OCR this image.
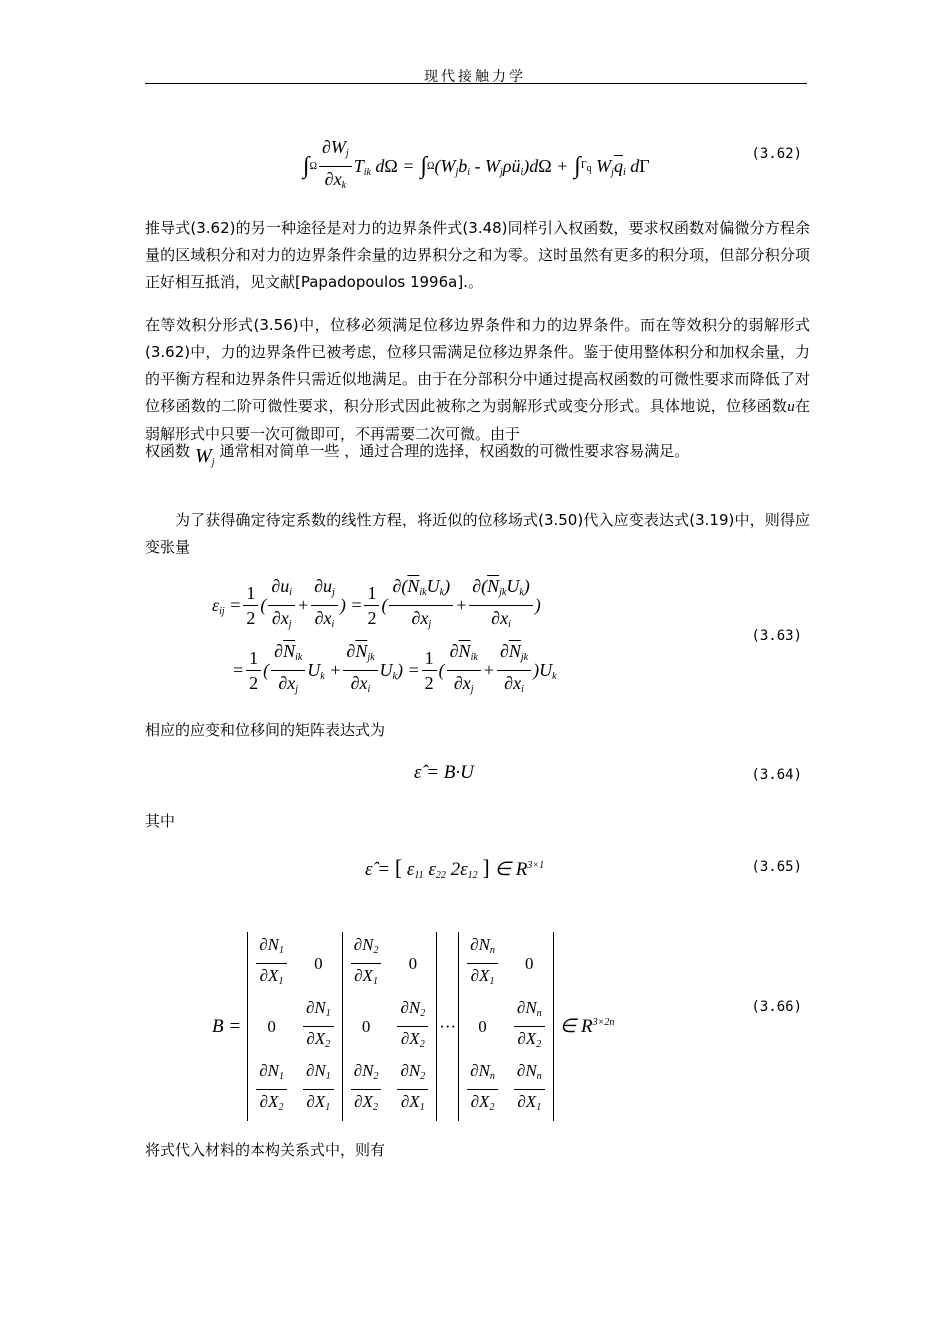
现代接触力学
∫ Ω $\frac{\partial W_j}{\partial x_k} T_{ik}$ dΩ = ∫ Ω ($W_jb_i$ - $W_j\rho ü_i)d\Omega$ + ∫ $\Gamma_q$ $W_j\overline{q}_i$ dΓ
(3.62)
推导式(3.62)的另一种途径是对力的边界条件式(3.48)同样引入权函数，要求权函数对偏微分方程余量的区域积分和对力的边界条件余量的边界积分之和为零。这时虽然有更多的积分项，但部分积分项正好相互抵消，见文献[Papadopoulos 1996a].。
在等效积分形式(3.56)中，位移必须满足位移边界条件和力的边界条件。而在等效积分的弱解形式(3.62)中，力的边界条件已被考虑，位移只需满足位移边界条件。鉴于使用整体积分和加权余量，力的平衡方程和边界条件只需近似地满足。由于在分部积分中通过提高权函数的可微性要求而降低了对位移函数的二阶可微性要求，积分形式因此被称之为弱解形式或变分形式。具体地说，位移函数u在弱解形式中只要一次可微即可，不再需要二次可微。由于
权函数 $W_j$ 通常相对简单一些 ，通过合理的选择，权函数的可微性要求容易满足。
为了获得确定待定系数的线性方程，将近似的位移场式(3.50)代入应变表达式(3.19)中，则得应变张量
$\varepsilon_{ij} = \frac{1}{2}$ ( $\frac{\partial u_i}{\partial x_j} + \frac{\partial u_j}{\partial x_i}$ ) = $\frac{1}{2}$ ( $\frac{\partial(\overline{N}_{ik}U_k)}{\partial x_j} + \frac{\partial(\overline{N}_{jk}U_k)}{\partial x_i}$ )
= $\frac{1}{2}$ ( $\frac{\partial\overline{N}_{ik}}{\partial x_j} U_k + \frac{\partial\overline{N}_{jk}}{\partial x_i} U_k) = \frac{1}{2}$ ( $\frac{\partial\overline{N}_{ik}}{\partial x_j} + \frac{\partial\overline{N}_{jk}}{\partial x_i} )U_k$
(3.63)
相应的应变和位移间的矩阵表达式为
ε̂ = B·U	(3.64)
其中
ε̂ = [ $\varepsilon_{11}$ $\varepsilon_{22}$ $2\varepsilon_{12}$ ] ∈ $R^{3\times 1}$	(3.65)
B =
$\frac{\partial N_1}{\partial X_1}$	0	$\frac{\partial N_2}{\partial X_1}$	0	···	$\frac{\partial N_n}{\partial X_1}$	0
0	$\frac{\partial N_1}{\partial X_2}$	0	$\frac{\partial N_2}{\partial X_2}$		0	$\frac{\partial N_n}{\partial X_2}$

$\frac{\partial N_1}{\partial X_2}$	$\frac{\partial N_1}{\partial X_1}$	$\frac{\partial N_2}{\partial X_2}$	$\frac{\partial N_2}{\partial X_1}$		$\frac{\partial N_n}{\partial X_2}$	$\frac{\partial N_n}{\partial X_1}$
∈ $R^{3\times 2n}$
(3.66)
将式代入材料的本构关系式中，则有
